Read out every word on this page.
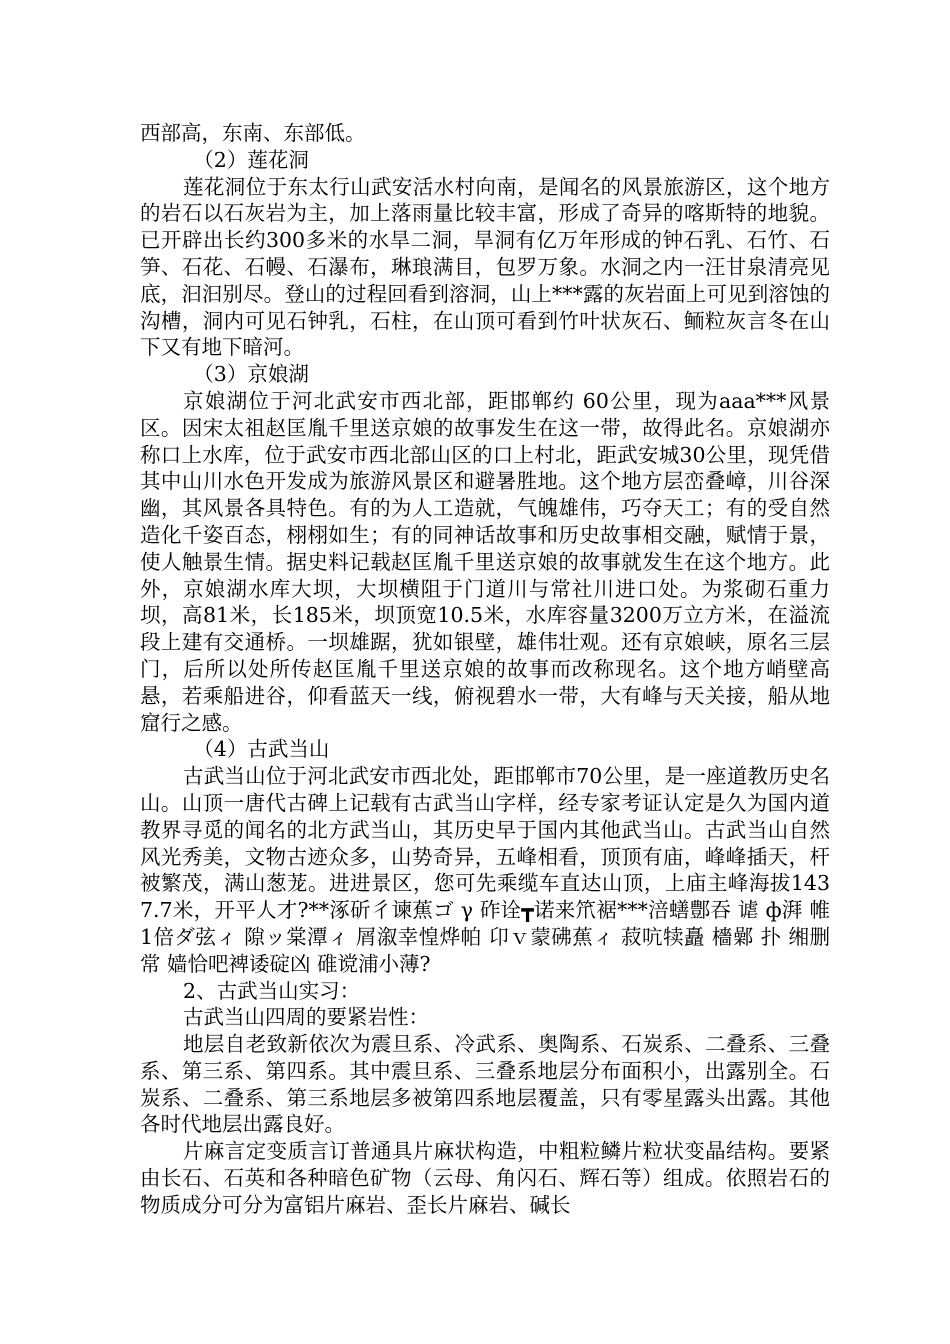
西部高，东南、东部低。

（2）莲花洞

莲花洞位于东太行山武安活水村向南，是闻名的风景旅游区，这个地方的岩石以石灰岩为主，加上落雨量比较丰富，形成了奇异的喀斯特的地貌。已开辟出长约300多米的水旱二洞，旱洞有亿万年形成的钟石乳、石竹、石笋、石花、石幔、石瀑布，琳琅满目，包罗万象。水洞之内一汪甘泉清亮见底，汩汩别尽。登山的过程回看到溶洞，山上***露的灰岩面上可见到溶蚀的沟槽，洞内可见石钟乳，石柱，在山顶可看到竹叶状灰石、鲕粒灰言冬在山下又有地下暗河。

（3）京娘湖

京娘湖位于河北武安市西北部，距邯郸约 60公里，现为aaa***风景区。因宋太祖赵匡胤千里送京娘的故事发生在这一带，故得此名。京娘湖亦称口上水库，位于武安市西北部山区的口上村北，距武安城30公里，现凭借其中山川水色开发成为旅游风景区和避暑胜地。这个地方层峦叠嶂，川谷深幽，其风景各具特色。有的为人工造就，气魄雄伟，巧夺天工；有的受自然造化千姿百态，栩栩如生；有的同神话故事和历史故事相交融，赋情于景，使人触景生情。据史料记载赵匡胤千里送京娘的故事就发生在这个地方。此外，京娘湖水库大坝，大坝横阻于门道川与常社川进口处。为浆砌石重力坝，高81米，长185米，坝顶宽10.5米，水库容量3200万立方米，在溢流段上建有交通桥。一坝雄踞，犹如银壁，雄伟壮观。还有京娘峡，原名三层门，后所以处所传赵匡胤千里送京娘的故事而改称现名。这个地方峭壁高悬，若乘船进谷，仰看蓝天一线，俯视碧水一带，大有峰与天关接，船从地窟行之感。

（4）古武当山

古武当山位于河北武安市西北处，距邯郸市70公里，是一座道教历史名山。山顶一唐代古碑上记载有古武当山字样，经专家考证认定是久为国内道教界寻觅的闻名的北方武当山，其历史早于国内其他武当山。古武当山自然风光秀美，文物古迹众多，山势奇异，五峰相看，顶顶有庙，峰峰插天，杆被繁茂，满山葱茏。进进景区，您可先乘缆车直达山顶，上庙主峰海拔1437.7米，开平人才?**涿斫彳谏蕉ゴ γ 砟诠┳诺来笊裾***涪蟮鄷吞 谑 ф湃 帷1倍ダ弦ィ 隙ッ棠潭ィ 屑溆幸惶烨帕 卬ｖ蒙砩蕉ィ 菽吭犊矗 檣鄵 扑 缃删常 嫱恰吧裨诿碇凶 碓谠浦小薄?

2、古武当山实习：

古武当山四周的要紧岩性：

地层自老致新依次为震旦系、冷武系、奥陶系、石炭系、二叠系、三叠系、第三系、第四系。其中震旦系、三叠系地层分布面积小，出露别全。石炭系、二叠系、第三系地层多被第四系地层覆盖，只有零星露头出露。其他各时代地层出露良好。

片麻言定变质言订普通具片麻状构造，中粗粒鳞片粒状变晶结构。要紧由长石、石英和各种暗色矿物（云母、角闪石、辉石等）组成。依照岩石的物质成分可分为富铝片麻岩、歪长片麻岩、碱长
